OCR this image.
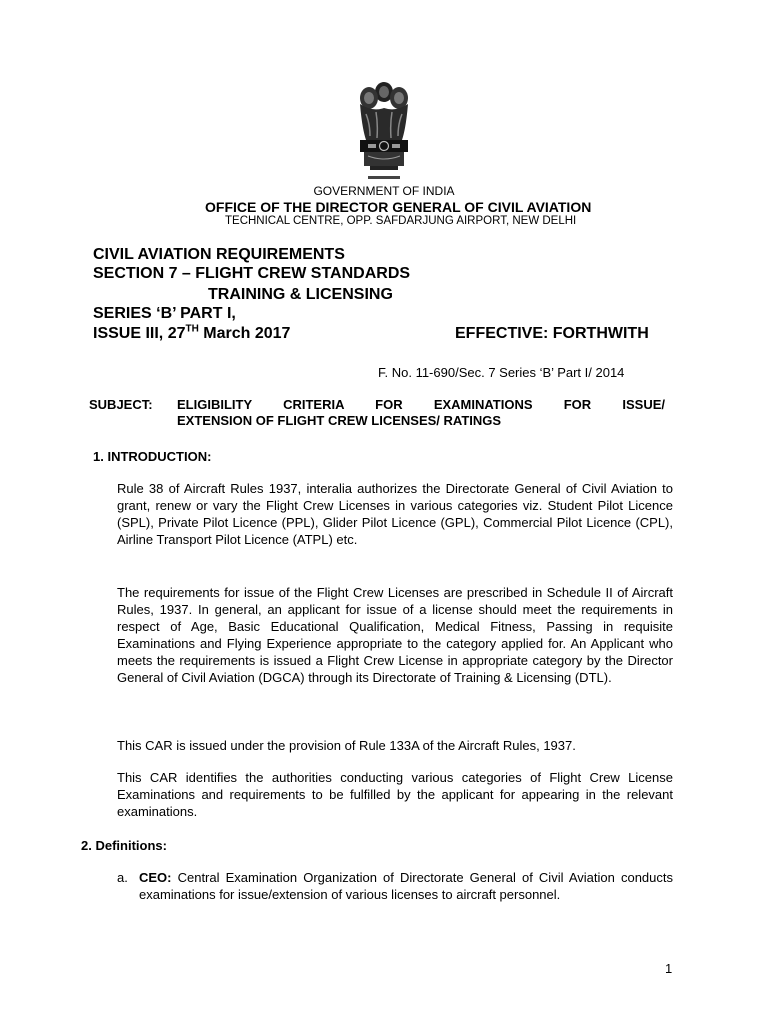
GOVERNMENT OF INDIA
OFFICE OF THE DIRECTOR GENERAL OF CIVIL AVIATION
TECHNICAL CENTRE, OPP. SAFDARJUNG AIRPORT, NEW DELHI
CIVIL AVIATION REQUIREMENTS
SECTION 7 – FLIGHT CREW STANDARDS
TRAINING & LICENSING
SERIES ‘B’ PART I,
ISSUE III, 27TH March 2017	EFFECTIVE: FORTHWITH
F. No. 11-690/Sec. 7 Series ‘B’ Part I/ 2014
SUBJECT: ELIGIBILITY CRITERIA FOR EXAMINATIONS FOR ISSUE/
EXTENSION OF FLIGHT CREW LICENSES/ RATINGS
1. INTRODUCTION:
Rule 38 of Aircraft Rules 1937, interalia authorizes the Directorate General of Civil Aviation to grant, renew or vary the Flight Crew Licenses in various categories viz. Student Pilot Licence (SPL), Private Pilot Licence (PPL), Glider Pilot Licence (GPL), Commercial Pilot Licence (CPL), Airline Transport Pilot Licence (ATPL) etc.
The requirements for issue of the Flight Crew Licenses are prescribed in Schedule II of Aircraft Rules, 1937. In general, an applicant for issue of a license should meet the requirements in respect of Age, Basic Educational Qualification, Medical Fitness, Passing in requisite Examinations and Flying Experience appropriate to the category applied for. An Applicant who meets the requirements is issued a Flight Crew License in appropriate category by the Director General of Civil Aviation (DGCA) through its Directorate of Training & Licensing (DTL).
This CAR is issued under the provision of Rule 133A of the Aircraft Rules, 1937.
This CAR identifies the authorities conducting various categories of Flight Crew License Examinations and requirements to be fulfilled by the applicant for appearing in the relevant examinations.
2. Definitions:
a. CEO: Central Examination Organization of Directorate General of Civil Aviation conducts examinations for issue/extension of various licenses to aircraft personnel.
1
